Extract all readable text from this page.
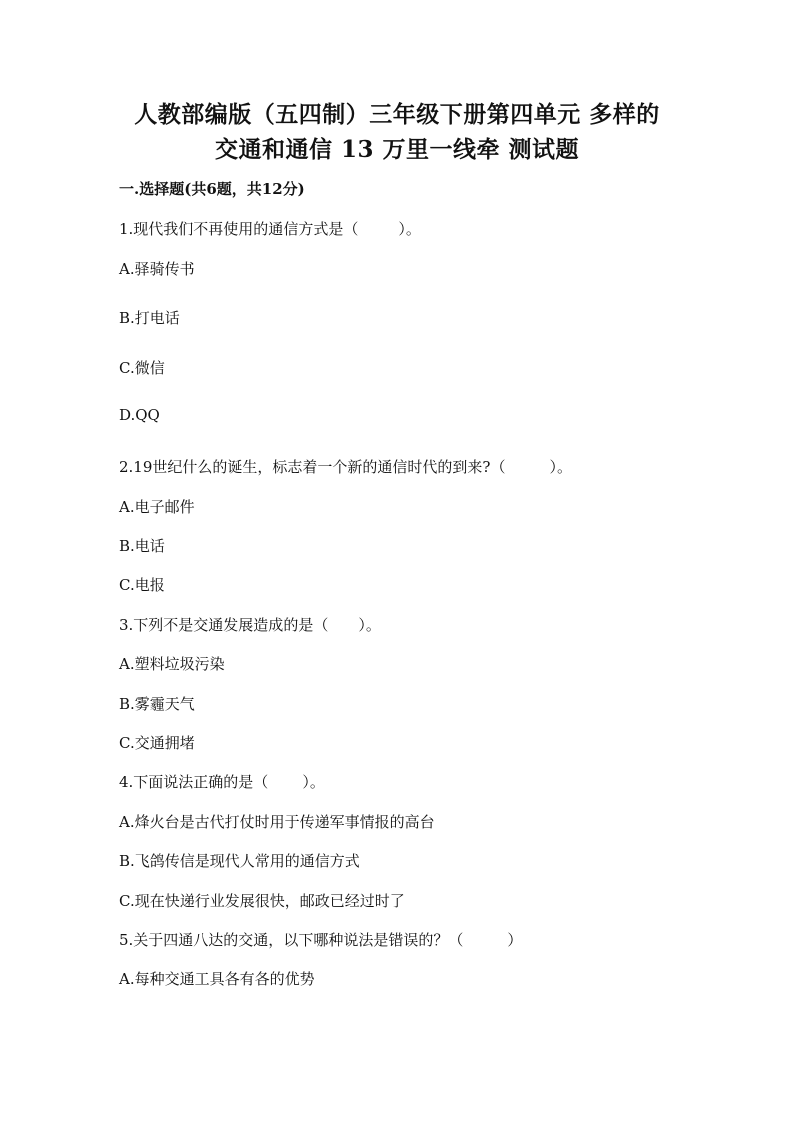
人教部编版（五四制）三年级下册第四单元 多样的
交通和通信 13 万里一线牵 测试题
一.选择题(共6题，共12分)
1.现代我们不再使用的通信方式是（	）。
A.驿骑传书
B.打电话
C.微信
D.QQ
2.19世纪什么的诞生，标志着一个新的通信时代的到来?（	）。
A.电子邮件
B.电话
C.电报
3.下列不是交通发展造成的是（ ）。
A.塑料垃圾污染
B.雾霾天气
C.交通拥堵
4.下面说法正确的是（ ）。
A.烽火台是古代打仗时用于传递军事情报的高台
B.飞鸽传信是现代人常用的通信方式
C.现在快递行业发展很快，邮政已经过时了
5.关于四通八达的交通，以下哪种说法是错误的？（	）
A.每种交通工具各有各的优势
